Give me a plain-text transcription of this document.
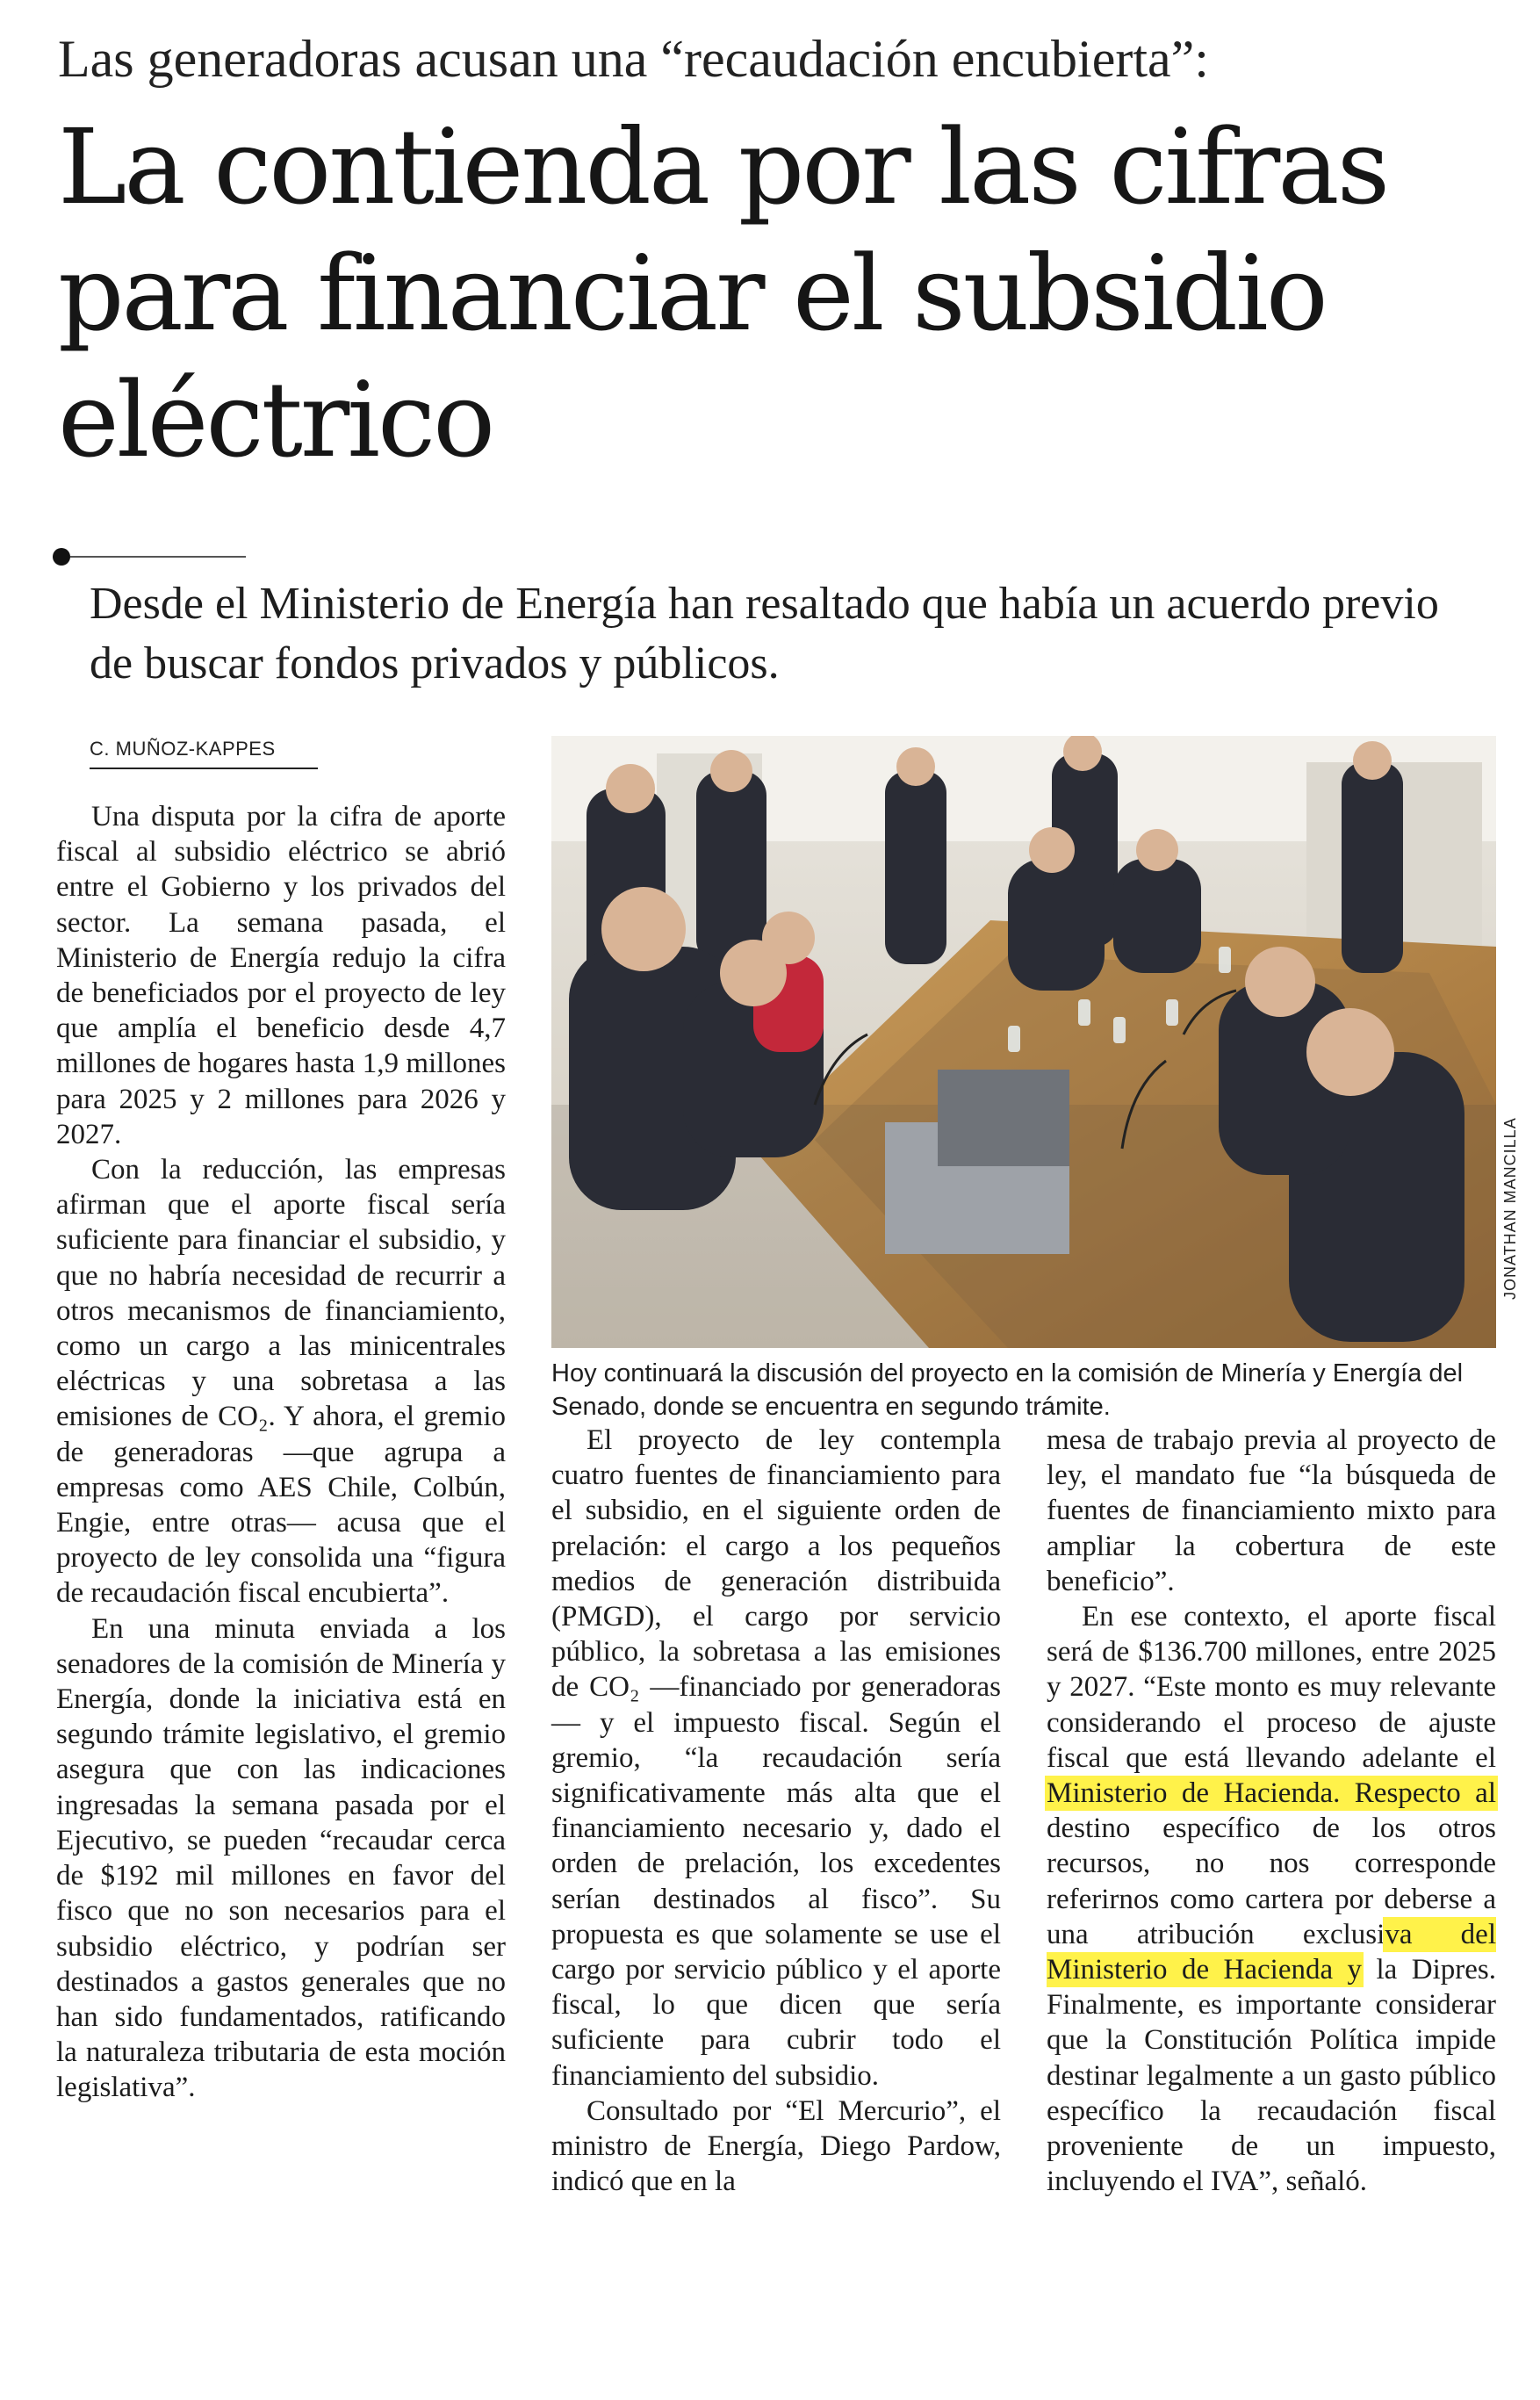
Las generadoras acusan una “recaudación encubierta”:
La contienda por las cifras para financiar el subsidio eléctrico
Desde el Ministerio de Energía han resaltado que había un acuerdo previo de buscar fondos privados y públicos.
C. MUÑOZ-KAPPES

Una disputa por la cifra de aporte fiscal al subsidio eléctrico se abrió entre el Gobierno y los privados del sector. La semana pasada, el Ministerio de Energía redujo la cifra de beneficiados por el proyecto de ley que amplía el beneficio desde 4,7 millones de hogares hasta 1,9 millones para 2025 y 2 millones para 2026 y 2027.

Con la reducción, las empresas afirman que el aporte fiscal sería suficiente para financiar el subsidio, y que no habría necesidad de recurrir a otros mecanismos de financiamiento, como un cargo a las minicentrales eléctricas y una sobretasa a las emisiones de CO₂. Y ahora, el gremio de generadoras —que agrupa a empresas como AES Chile, Colbún, Engie, entre otras— acusa que el proyecto de ley consolida una “figura de recaudación fiscal encubierta”.

En una minuta enviada a los senadores de la comisión de Minería y Energía, donde la iniciativa está en segundo trámite legislativo, el gremio asegura que con las indicaciones ingresadas la semana pasada por el Ejecutivo, se pueden “recaudar cerca de $192 mil millones en favor del fisco que no son necesarios para el subsidio eléctrico, y podrían ser destinados a gastos generales que no han sido fundamentados, ratificando la naturaleza tributaria de esta moción legislativa”.

JONATHAN MANCILLA
Hoy continuará la discusión del proyecto en la comisión de Minería y Energía del Senado, donde se encuentra en segundo trámite.

El proyecto de ley contempla cuatro fuentes de financiamiento para el subsidio, en el siguiente orden de prelación: el cargo a los pequeños medios de generación distribuida (PMGD), el cargo por servicio público, la sobretasa a las emisiones de CO₂ —financiado por generadoras— y el impuesto fiscal. Según el gremio, “la recaudación sería significativamente más alta que el financiamiento necesario y, dado el orden de prelación, los excedentes serían destinados al fisco”. Su propuesta es que solamente se use el cargo por servicio público y el aporte fiscal, lo que dicen que sería suficiente para cubrir todo el financiamiento del subsidio.

Consultado por “El Mercurio”, el ministro de Energía, Diego Pardow, indicó que en la

mesa de trabajo previa al proyecto de ley, el mandato fue “la búsqueda de fuentes de financiamiento mixto para ampliar la cobertura de este beneficio”.

En ese contexto, el aporte fiscal será de $136.700 millones, entre 2025 y 2027. “Este monto es muy relevante considerando el proceso de ajuste fiscal que está llevando adelante el Ministerio de Hacienda. Respecto al destino específico de los otros recursos, no nos corresponde referirnos como cartera por deberse a una atribución exclusiva del Ministerio de Hacienda y la Dipres. Finalmente, es importante considerar que la Constitución Política impide destinar legalmente a un gasto público específico la recaudación fiscal proveniente de un impuesto, incluyendo el IVA”, señaló.
